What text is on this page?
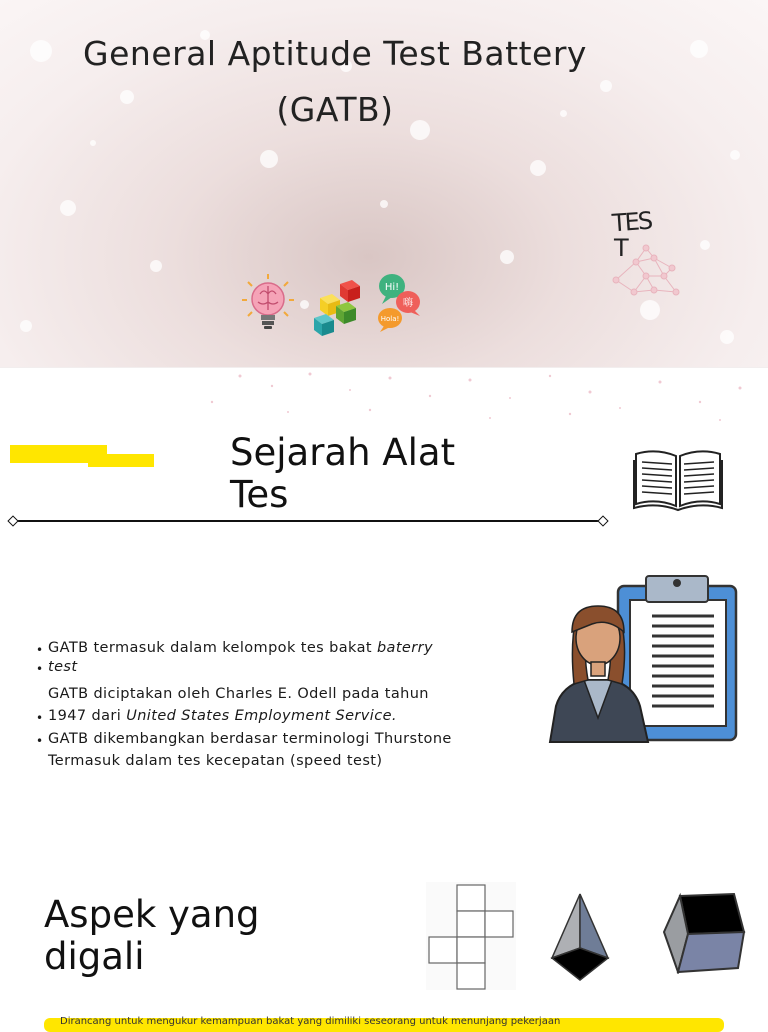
General Aptitude Test Battery
(GATB)
TES
T
Hi!
嗨
Hola!
Sejarah Alat
Tes
• GATB termasuk dalam kelompok tes bakat baterry
• test
GATB diciptakan oleh Charles E. Odell pada tahun
• 1947 dari United States Employment Service.
• GATB dikembangkan berdasar terminologi Thurstone
Termasuk dalam tes kecepatan (speed test)
Aspek yang
digali
Dirancang untuk mengukur kemampuan bakat yang dimiliki seseorang untuk menunjang pekerjaan
